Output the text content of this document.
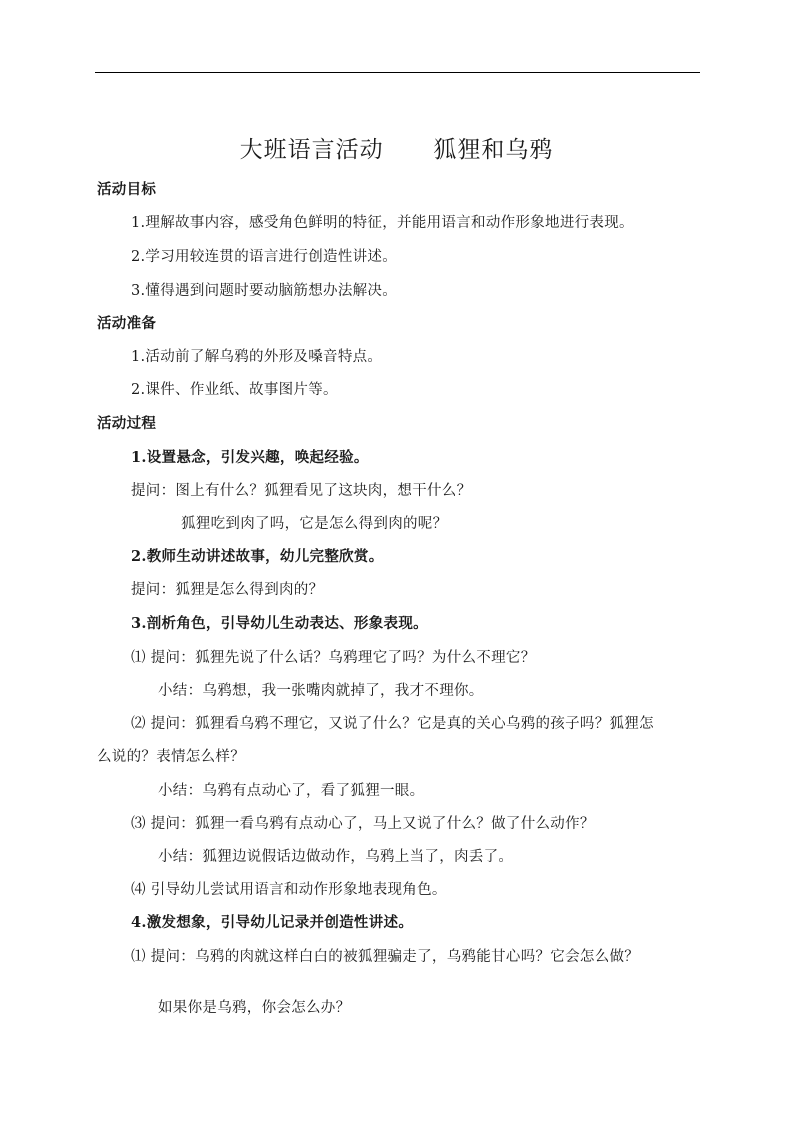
大班语言活动      狐狸和乌鸦
活动目标
1.理解故事内容，感受角色鲜明的特征，并能用语言和动作形象地进行表现。
2.学习用较连贯的语言进行创造性讲述。
3.懂得遇到问题时要动脑筋想办法解决。
活动准备
1.活动前了解乌鸦的外形及嗓音特点。
2.课件、作业纸、故事图片等。
活动过程
1.设置悬念，引发兴趣，唤起经验。
提问：图上有什么？狐狸看见了这块肉，想干什么？
狐狸吃到肉了吗，它是怎么得到肉的呢？
2.教师生动讲述故事，幼儿完整欣赏。
提问：狐狸是怎么得到肉的？
3.剖析角色，引导幼儿生动表达、形象表现。
⑴ 提问：狐狸先说了什么话？乌鸦理它了吗？为什么不理它？
小结：乌鸦想，我一张嘴肉就掉了，我才不理你。
⑵ 提问：狐狸看乌鸦不理它，又说了什么？它是真的关心乌鸦的孩子吗？狐狸怎
么说的？表情怎么样？
小结：乌鸦有点动心了，看了狐狸一眼。
⑶ 提问：狐狸一看乌鸦有点动心了，马上又说了什么？做了什么动作？
小结：狐狸边说假话边做动作，乌鸦上当了，肉丢了。
⑷ 引导幼儿尝试用语言和动作形象地表现角色。
4.激发想象，引导幼儿记录并创造性讲述。
⑴ 提问：乌鸦的肉就这样白白的被狐狸骗走了，乌鸦能甘心吗？它会怎么做？
如果你是乌鸦，你会怎么办？
